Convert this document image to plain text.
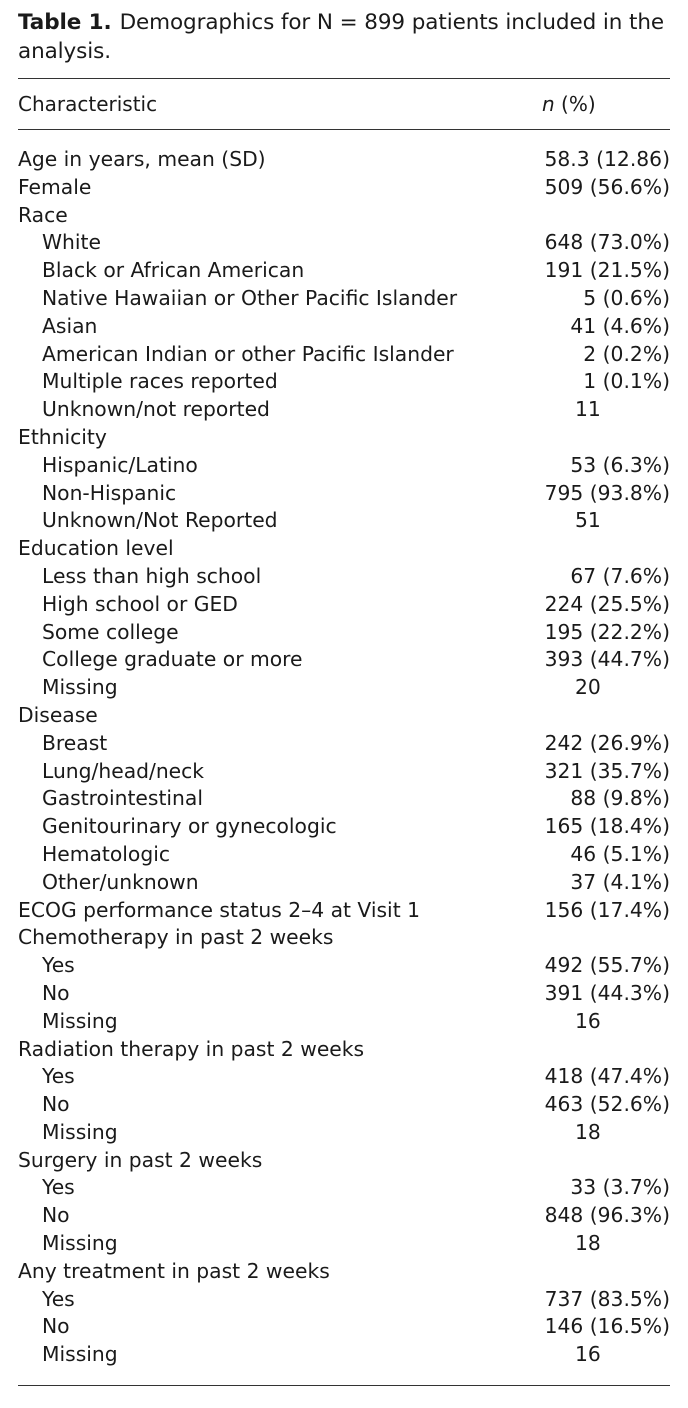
Table 1. Demographics for N = 899 patients included in the analysis.

Characteristic	n (%)
Age in years, mean (SD)	58.3 (12.86)
Female	509 (56.6%)
Race
White	648 (73.0%)
Black or African American	191 (21.5%)
Native Hawaiian or Other Pacific Islander	5 (0.6%)
Asian	41 (4.6%)
American Indian or other Pacific Islander	2 (0.2%)
Multiple races reported	1 (0.1%)
Unknown/not reported	11
Ethnicity
Hispanic/Latino	53 (6.3%)
Non-Hispanic	795 (93.8%)
Unknown/Not Reported	51
Education level
Less than high school	67 (7.6%)
High school or GED	224 (25.5%)
Some college	195 (22.2%)
College graduate or more	393 (44.7%)
Missing	20
Disease
Breast	242 (26.9%)
Lung/head/neck	321 (35.7%)
Gastrointestinal	88 (9.8%)
Genitourinary or gynecologic	165 (18.4%)
Hematologic	46 (5.1%)
Other/unknown	37 (4.1%)
ECOG performance status 2–4 at Visit 1	156 (17.4%)
Chemotherapy in past 2 weeks
Yes	492 (55.7%)
No	391 (44.3%)
Missing	16
Radiation therapy in past 2 weeks
Yes	418 (47.4%)
No	463 (52.6%)
Missing	18
Surgery in past 2 weeks
Yes	33 (3.7%)
No	848 (96.3%)
Missing	18
Any treatment in past 2 weeks
Yes	737 (83.5%)
No	146 (16.5%)
Missing	16
